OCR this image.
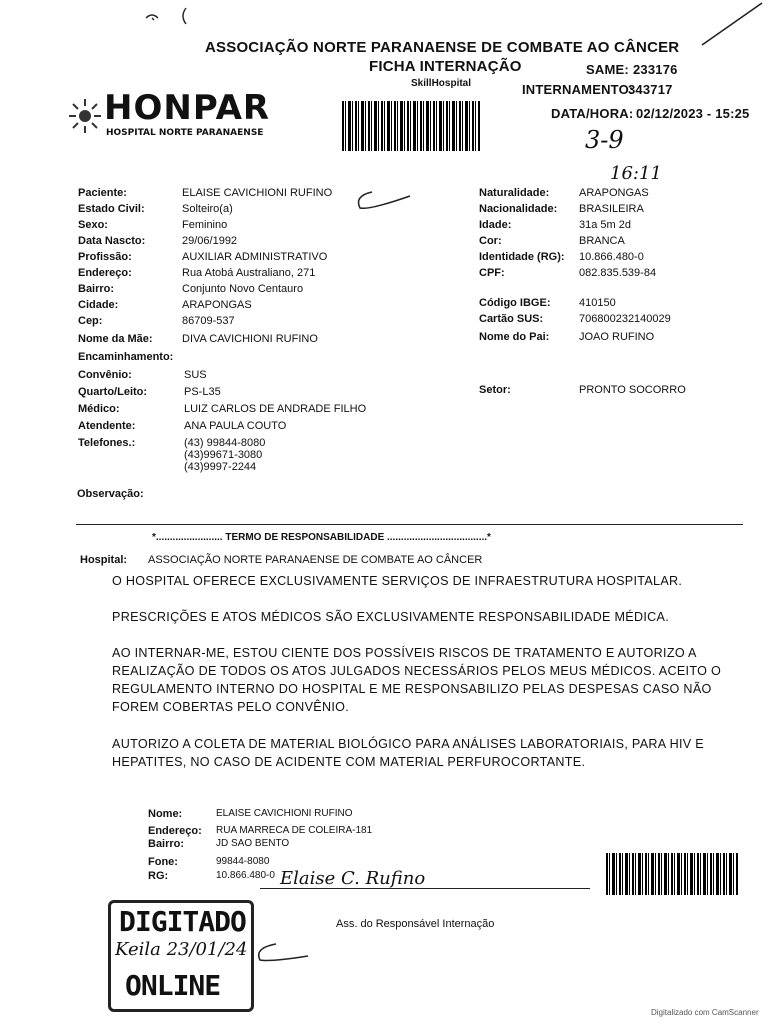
ASSOCIAÇÃO NORTE PARANAENSE DE COMBATE AO CÂNCER
FICHA INTERNAÇÃO
SkillHospital
SAME: 233176
INTERNAMENTO:
343717
DATA/HORA: 02/12/2023 - 15:25
3-9
16:11
HONPAR
HOSPITAL NORTE PARANAENSE
Paciente:	ELAISE CAVICHIONI RUFINO
Estado Civil:	Solteiro(a)
Sexo:	Feminino
Data Nascto:	29/06/1992
Profissão:	AUXILIAR ADMINISTRATIVO
Endereço:	Rua Atobá Australiano, 271
Bairro:	Conjunto Novo Centauro
Cidade:	ARAPONGAS
Cep:	86709-537
Nome da Mãe:	DIVA CAVICHIONI RUFINO
Naturalidade:	ARAPONGAS
Nacionalidade: BRASILEIRA
Idade:	31a 5m 2d
Cor:	BRANCA
Identidade (RG): 10.866.480-0
CPF:	082.835.539-84
Código IBGE:	410150
Cartão SUS:	706800232140029
Nome do Pai:	JOAO RUFINO
Encaminhamento:
Convênio:	SUS
Quarto/Leito:	PS-L35	Setor:	PRONTO SOCORRO
Médico:	LUIZ CARLOS DE ANDRADE FILHO
Atendente:	ANA PAULA COUTO
Telefones.:	(43) 99844-8080
(43)99671-3080
(43)9997-2244
Observação:
*........................ TERMO DE RESPONSABILIDADE ....................................*
Hospital: ASSOCIAÇÃO NORTE PARANAENSE DE COMBATE AO CÂNCER
O HOSPITAL OFERECE EXCLUSIVAMENTE SERVIÇOS DE INFRAESTRUTURA HOSPITALAR.
PRESCRIÇÕES E ATOS MÉDICOS SÃO EXCLUSIVAMENTE RESPONSABILIDADE MÉDICA.
AO INTERNAR-ME, ESTOU CIENTE DOS POSSÍVEIS RISCOS DE TRATAMENTO E AUTORIZO A
REALIZAÇÃO DE TODOS OS ATOS JULGADOS NECESSÁRIOS PELOS MEUS MÉDICOS. ACEITO O
REGULAMENTO INTERNO DO HOSPITAL E ME RESPONSABILIZO PELAS DESPESAS CASO NÃO
FOREM COBERTAS PELO CONVÊNIO.
AUTORIZO A COLETA DE MATERIAL BIOLÓGICO PARA ANÁLISES LABORATORIAIS, PARA HIV E
HEPATITES, NO CASO DE ACIDENTE COM MATERIAL PERFUROCORTANTE.
Nome:	ELAISE CAVICHIONI RUFINO
Endereço: RUA MARRECA DE COLEIRA-181
Bairro:	JD SAO BENTO
Fone:	99844-8080
RG:	10.866.480-0 Elaise C. Rufino
Ass. do Responsável Internação
DIGITADO
Keila 23/01/24
ONLINE
Digitalizado com CamScanner
